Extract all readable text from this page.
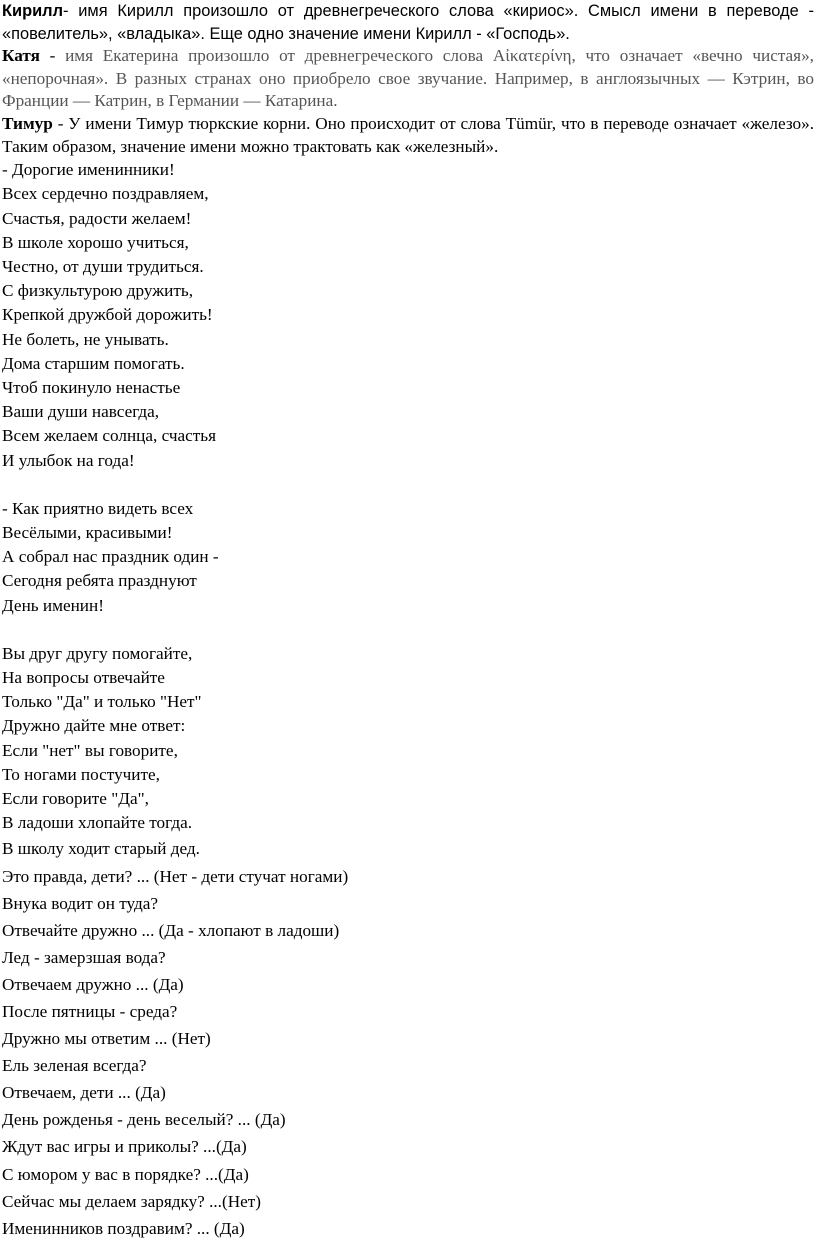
Кирилл- имя Кирилл произошло от древнегреческого слова «кириос». Смысл имени в переводе - «повелитель», «владыка». Еще одно значение имени Кирилл - «Господь».

Катя - имя Екатерина произошло от древнегреческого слова Αἰκατερίνη, что означает «вечно чистая», «непорочная». В разных странах оно приобрело свое звучание. Например, в англоязычных — Кэтрин, во Франции — Катрин, в Германии — Катарина.

Тимур - У имени Тимур тюркские корни. Оно происходит от слова Tümür, что в переводе означает «железо». Таким образом, значение имени можно трактовать как «железный».

- Дорогие именинники!
Всех сердечно поздравляем,
Счастья, радости желаем!
В школе хорошо учиться,
Честно, от души трудиться.
С физкультурою дружить,
Крепкой дружбой дорожить!
Не болеть, не унывать.
Дома старшим помогать.
Чтоб покинуло ненастье
Ваши души навсегда,
Всем желаем солнца, счастья
И улыбок на года!
- Как приятно видеть всех
Весёлыми, красивыми!
А собрал нас праздник один -
Сегодня ребята празднуют
День именин!
Вы друг другу помогайте,
На вопросы отвечайте
Только "Да" и только "Нет"
Дружно дайте мне ответ:
Если "нет" вы говорите,
То ногами постучите,
Если говорите "Да",
В ладоши хлопайте тогда.
В школу ходит старый дед.
Это правда, дети? ... (Нет - дети стучат ногами)
Внука водит он туда?
Отвечайте дружно ... (Да - хлопают в ладоши)
Лед - замерзшая вода?
Отвечаем дружно ... (Да)
После пятницы - среда?
Дружно мы ответим ... (Нет)
Ель зеленая всегда?
Отвечаем, дети ... (Да)
День рожденья - день веселый? ... (Да)
Ждут вас игры и приколы? ...(Да)
С юмором у вас в порядке? ...(Да)
Сейчас мы делаем зарядку? ...(Нет)
Именинников поздравим? ... (Да)
